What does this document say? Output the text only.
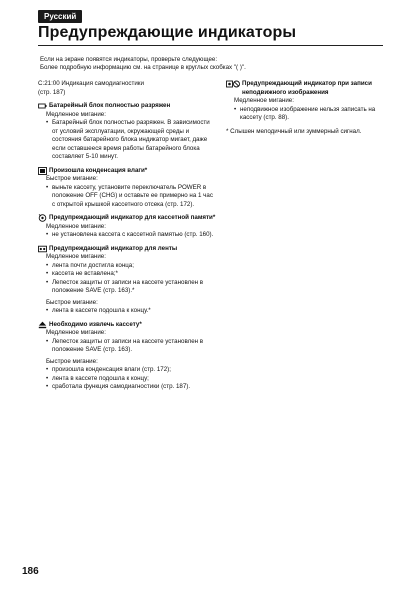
Русский
Предупреждающие индикаторы
Если на экране появятся индикаторы, проверьте следующее:
Более подробную информацию см. на странице в круглых скобках "( )".
C:21:00 Индикация самодиагностики
(стр. 187)
Батарейный блок полностью разряжен
Медленное мигание:
• Батарейный блок полностью разряжен. В зависимости от условий эксплуатации, окружающей среды и состояния батарейного блока индикатор мигает, даже если оставшееся время работы батарейного блока составляет 5-10 минут.
Произошла конденсация влаги*
Быстрое мигание:
• выньте кассету, установите переключатель POWER в положение OFF (CHG) и оставьте ее примерно на 1 час с открытой крышкой кассетного отсека (стр. 172).
Предупреждающий индикатор для кассетной памяти*
Медленное мигание:
• не установлена кассета с кассетной памятью (стр. 160).
Предупреждающий индикатор для ленты
Медленное мигание:
• лента почти достигла конца;
• кассета не вставлена;*
• Лепесток защиты от записи на кассете установлен в положение SAVE (стр. 163).*
Быстрое мигание:
• лента в кассете подошла к концу.*
Необходимо извлечь кассету*
Медленное мигание:
• Лепесток защиты от записи на кассете установлен в положение SAVE (стр. 163).
Быстрое мигание:
• произошла конденсация влаги (стр. 172);
• лента в кассете подошла к концу;
• сработала функция самодиагностики (стр. 187).
Предупреждающий индикатор при записи неподвижного изображения
Медленное мигание:
• неподвижное изображение нельзя записать на кассету (стр. 88).
* Слышен мелодичный или зуммерный сигнал.
186
